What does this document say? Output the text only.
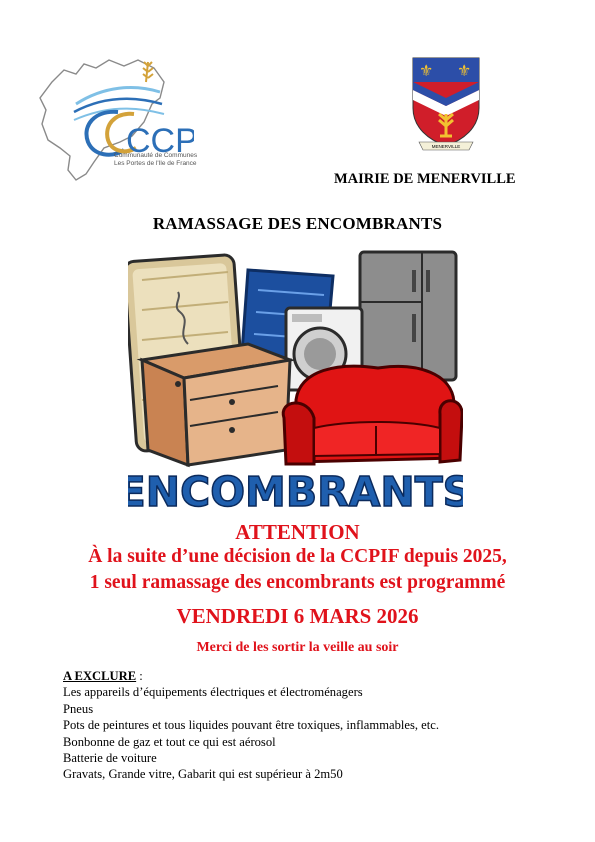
CCP
Communauté de Communes
Les Portes de l'Ile de France
⚜ ⚜
MENERVILLE
MAIRIE DE MENERVILLE
RAMASSAGE DES ENCOMBRANTS
ENCOMBRANTS
ATTENTION
À la suite d’une décision de la CCPIF depuis 2025,
1 seul ramassage des encombrants est programmé
VENDREDI 6 MARS 2026
Merci de les sortir la veille au soir
A EXCLURE :
Les appareils d’équipements électriques et électroménagers
Pneus
Pots de peintures et tous liquides pouvant être toxiques, inflammables, etc.
Bonbonne de gaz et tout ce qui est aérosol
Batterie de voiture
Gravats, Grande vitre, Gabarit qui est supérieur à 2m50
